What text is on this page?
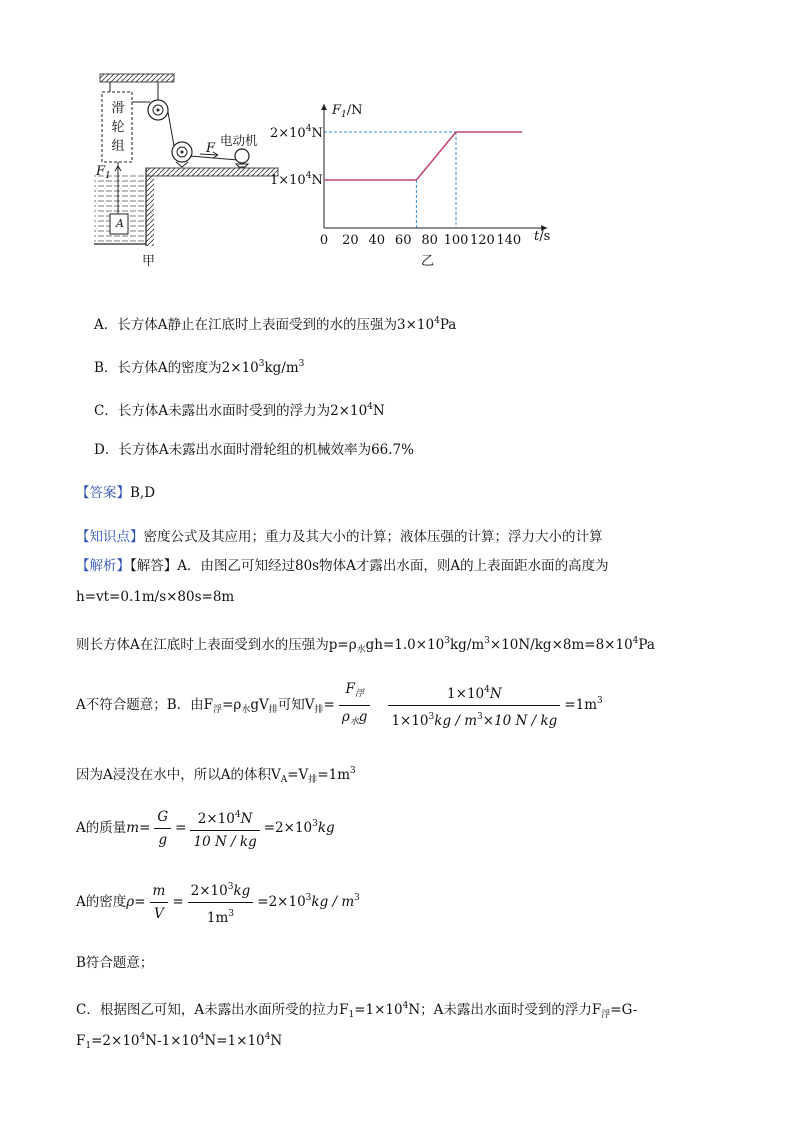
滑轮组	电动机
F
$F_1$
A
甲
0 20 40 60 80 100 120 140
$F_1/N$
$2\times 10^4N$
$1\times 10^4N$
t/s
乙
A．长方体A静止在江底时上表面受到的水的压强为$3\times 10^4Pa$
B．长方体A的密度为$2\times 10^3kg/m^3$
C．长方体A未露出水面时受到的浮力为$2\times 10^4N$
D．长方体A未露出水面时滑轮组的机械效率为66.7%
【答案】B,D
【知识点】密度公式及其应用；重力及其大小的计算；液体压强的计算；浮力大小的计算
【解析】【解答】A．由图乙可知经过80s物体A才露出水面，则A的上表面距水面的高度为
h=vt=0.1m/s×80s=8m
则长方体A在江底时上表面受到水的压强为$p=\rho_水gh=1.0\times 10^3kg/m^3\times 10N/kg\times 8m=8\times 10^4Pa$
A不符合题意；B．由$F_浮=\rho_水gV_排$可知$V_排= \frac{F_浮}{\rho_水g} \frac{1\times 10^4N}{1\times 10^3kg / m^3\times 10 N / kg} =1m^3$
因为A浸没在水中，所以A的体积$V_A=V_排=1m^3$
A的质量$m= \frac{G}{g} = \frac{2\times 10^4N}{10 N / kg} =2\times 10^3kg$
A的密度$\rho= \frac{m}{V} = \frac{2\times 10^3kg}{1m^3} =2\times 10^3kg / m^3$
B符合题意；
C．根据图乙可知，A未露出水面所受的拉力$F_1=1\times 10^4N$；A未露出水面时受到的浮力$F_浮=G-$
$F_1=2\times 10^4N-1\times 10^4N=1\times 10^4N$
